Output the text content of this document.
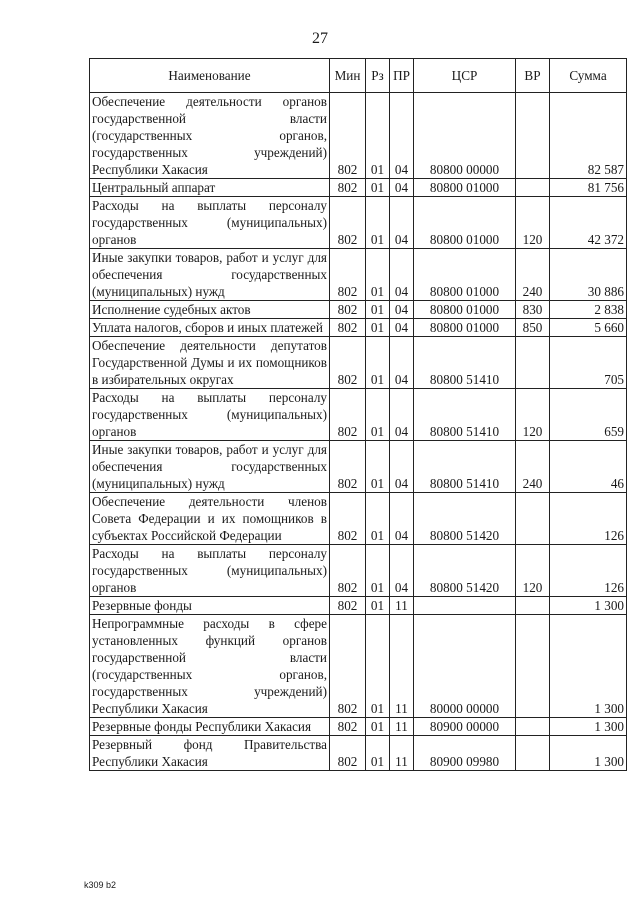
27
Наименование	Мин	Рз	ПР	ЦСР	ВР	Сумма
Обеспечение деятельности органов государственной власти (государственных органов, государственных учреждений) Республики Хакасия	802	01	04	80800 00000		82 587
Центральный аппарат	802	01	04	80800 01000		81 756
Расходы на выплаты персоналу государственных (муниципальных) органов	802	01	04	80800 01000	120	42 372
Иные закупки товаров, работ и услуг для обеспечения государственных (муниципальных) нужд	802	01	04	80800 01000	240	30 886
Исполнение судебных актов	802	01	04	80800 01000	830	2 838
Уплата налогов, сборов и иных платежей	802	01	04	80800 01000	850	5 660
Обеспечение деятельности депутатов Государственной Думы и их помощников в избирательных округах	802	01	04	80800 51410		705
Расходы на выплаты персоналу государственных (муниципальных) органов	802	01	04	80800 51410	120	659
Иные закупки товаров, работ и услуг для обеспечения государственных (муниципальных) нужд	802	01	04	80800 51410	240	46
Обеспечение деятельности членов Совета Федерации и их помощников в субъектах Российской Федерации	802	01	04	80800 51420		126
Расходы на выплаты персоналу государственных (муниципальных) органов	802	01	04	80800 51420	120	126
Резервные фонды	802	01	11			1 300
Непрограммные расходы в сфере установленных функций органов государственной власти (государственных органов, государственных учреждений) Республики Хакасия	802	01	11	80000 00000		1 300
Резервные фонды Республики Хакасия	802	01	11	80900 00000		1 300
Резервный фонд Правительства Республики Хакасия	802	01	11	80900 09980		1 300
k309 b2
